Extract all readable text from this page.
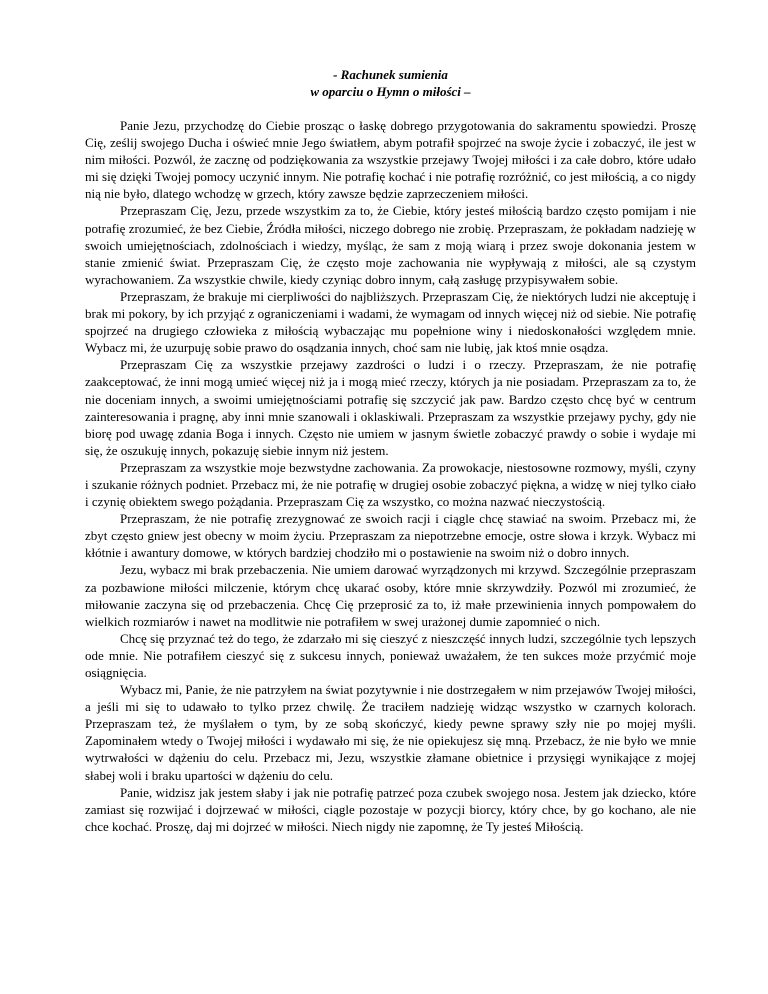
- Rachunek sumienia
w oparciu o Hymn o miłości –

Panie Jezu, przychodzę do Ciebie prosząc o łaskę dobrego przygotowania do sakramentu spowiedzi. Proszę Cię, ześlij swojego Ducha i oświeć mnie Jego światłem, abym potrafił spojrzeć na swoje życie i zobaczyć, ile jest w nim miłości. Pozwól, że zacznę od podziękowania za wszystkie przejawy Twojej miłości i za całe dobro, które udało mi się dzięki Twojej pomocy uczynić innym. Nie potrafię kochać i nie potrafię rozróżnić, co jest miłością, a co nigdy nią nie było, dlatego wchodzę w grzech, który zawsze będzie zaprzeczeniem miłości.

Przepraszam Cię, Jezu, przede wszystkim za to, że Ciebie, który jesteś miłością bardzo często pomijam i nie potrafię zrozumieć, że bez Ciebie, Źródła miłości, niczego dobrego nie zrobię. Przepraszam, że pokładam nadzieję w swoich umiejętnościach, zdolnościach i wiedzy, myśląc, że sam z moją wiarą i przez swoje dokonania jestem w stanie zmienić świat. Przepraszam Cię, że często moje zachowania nie wypływają z miłości, ale są czystym wyrachowaniem. Za wszystkie chwile, kiedy czyniąc dobro innym, całą zasługę przypisywałem sobie.

Przepraszam, że brakuje mi cierpliwości do najbliższych. Przepraszam Cię, że niektórych ludzi nie akceptuję i brak mi pokory, by ich przyjąć z ograniczeniami i wadami, że wymagam od innych więcej niż od siebie. Nie potrafię spojrzeć na drugiego człowieka z miłością wybaczając mu popełnione winy i niedoskonałości względem mnie. Wybacz mi, że uzurpuję sobie prawo do osądzania innych, choć sam nie lubię, jak ktoś mnie osądza.

Przepraszam Cię za wszystkie przejawy zazdrości o ludzi i o rzeczy. Przepraszam, że nie potrafię zaakceptować, że inni mogą umieć więcej niż ja i mogą mieć rzeczy, których ja nie posiadam. Przepraszam za to, że nie doceniam innych, a swoimi umiejętnościami potrafię się szczycić jak paw. Bardzo często chcę być w centrum zainteresowania i pragnę, aby inni mnie szanowali i oklaskiwali. Przepraszam za wszystkie przejawy pychy, gdy nie biorę pod uwagę zdania Boga i innych. Często nie umiem w jasnym świetle zobaczyć prawdy o sobie i wydaje mi się, że oszukuję innych, pokazuję siebie innym niż jestem.

Przepraszam za wszystkie moje bezwstydne zachowania. Za prowokacje, niestosowne rozmowy, myśli, czyny i szukanie różnych podniet. Przebacz mi, że nie potrafię w drugiej osobie zobaczyć piękna, a widzę w niej tylko ciało i czynię obiektem swego pożądania. Przepraszam Cię za wszystko, co można nazwać nieczystością.

Przepraszam, że nie potrafię zrezygnować ze swoich racji i ciągle chcę stawiać na swoim. Przebacz mi, że zbyt często gniew jest obecny w moim życiu. Przepraszam za niepotrzebne emocje, ostre słowa i krzyk. Wybacz mi kłótnie i awantury domowe, w których bardziej chodziło mi o postawienie na swoim niż o dobro innych.

Jezu, wybacz mi brak przebaczenia. Nie umiem darować wyrządzonych mi krzywd. Szczególnie przepraszam za pozbawione miłości milczenie, którym chcę ukarać osoby, które mnie skrzywdziły. Pozwól mi zrozumieć, że miłowanie zaczyna się od przebaczenia. Chcę Cię przeprosić za to, iż małe przewinienia innych pompowałem do wielkich rozmiarów i nawet na modlitwie nie potrafiłem w swej urażonej dumie zapomnieć o nich.

Chcę się przyznać też do tego, że zdarzało mi się cieszyć z nieszczęść innych ludzi, szczególnie tych lepszych ode mnie. Nie potrafiłem cieszyć się z sukcesu innych, ponieważ uważałem, że ten sukces może przyćmić moje osiągnięcia.

Wybacz mi, Panie, że nie patrzyłem na świat pozytywnie i nie dostrzegałem w nim przejawów Twojej miłości, a jeśli mi się to udawało to tylko przez chwilę. Że traciłem nadzieję widząc wszystko w czarnych kolorach. Przepraszam też, że myślałem o tym, by ze sobą skończyć, kiedy pewne sprawy szły nie po mojej myśli. Zapominałem wtedy o Twojej miłości i wydawało mi się, że nie opiekujesz się mną. Przebacz, że nie było we mnie wytrwałości w dążeniu do celu. Przebacz mi, Jezu, wszystkie złamane obietnice i przysięgi wynikające z mojej słabej woli i braku upartości w dążeniu do celu.

Panie, widzisz jak jestem słaby i jak nie potrafię patrzeć poza czubek swojego nosa. Jestem jak dziecko, które zamiast się rozwijać i dojrzewać w miłości, ciągle pozostaje w pozycji biorcy, który chce, by go kochano, ale nie chce kochać. Proszę, daj mi dojrzeć w miłości. Niech nigdy nie zapomnę, że Ty jesteś Miłością.
